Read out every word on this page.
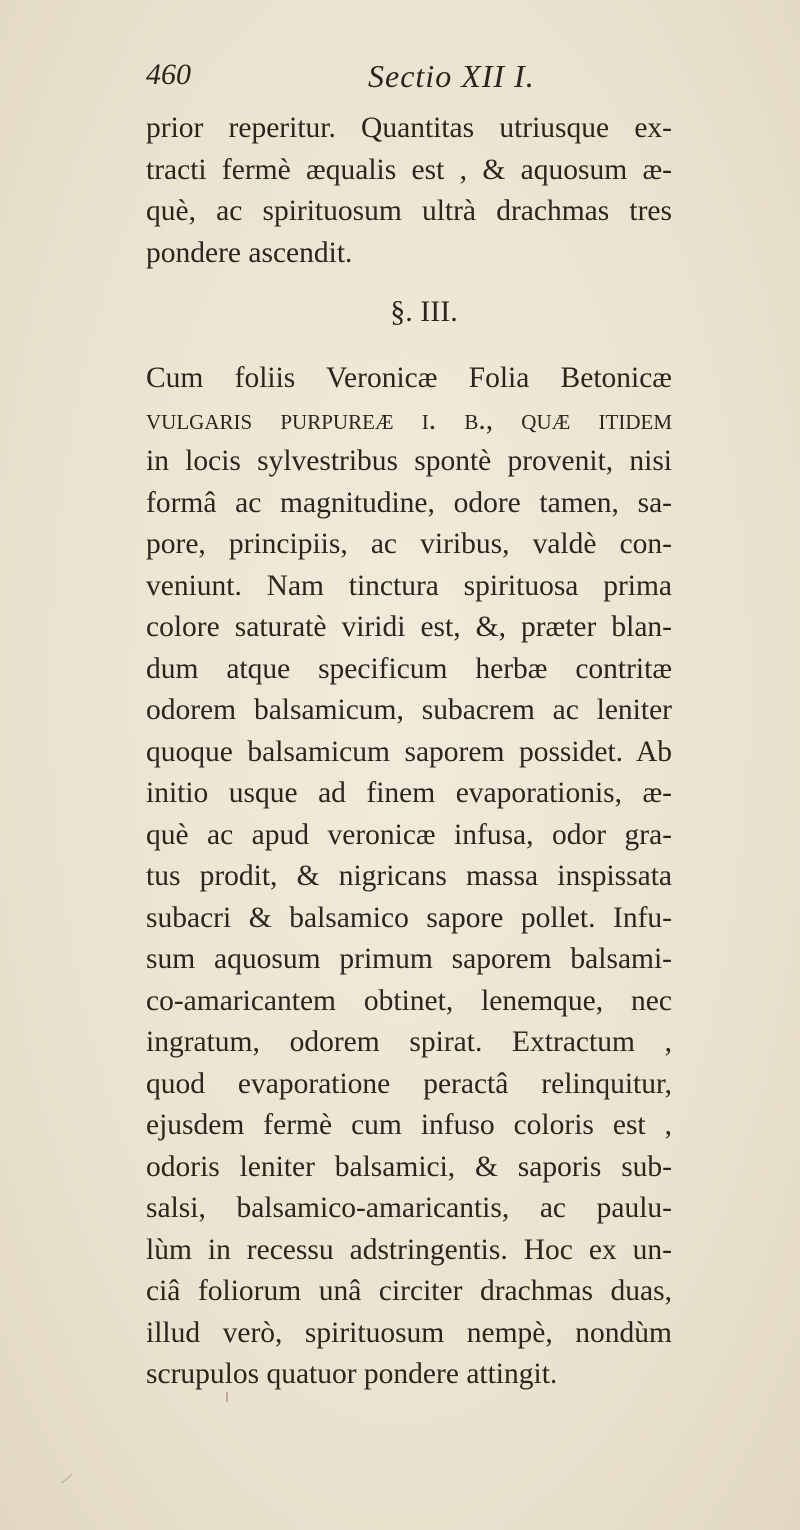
460	Sectio XII I.
prior reperitur. Quantitas utriusque ex-
tracti fermè æqualis est , & aquosum æ-
què, ac spirituosum ultrà drachmas tres
pondere ascendit.
§. III.
Cum foliis Veronicæ Folia Betonicæ
vulgaris purpureæ i. b., quæ itidem
in locis sylvestribus spontè provenit, nisi
formâ ac magnitudine, odore tamen, sa-
pore, principiis, ac viribus, valdè con-
veniunt. Nam tinctura spirituosa prima
colore saturatè viridi est, &, præter blan-
dum atque specificum herbæ contritæ
odorem balsamicum, subacrem ac leniter
quoque balsamicum saporem possidet. Ab
initio usque ad finem evaporationis, æ-
què ac apud veronicæ infusa, odor gra-
tus prodit, & nigricans massa inspissata
subacri & balsamico sapore pollet. Infu-
sum aquosum primum saporem balsami-
co-amaricantem obtinet, lenemque, nec
ingratum, odorem spirat. Extractum ,
quod evaporatione peractâ relinquitur,
ejusdem fermè cum infuso coloris est ,
odoris leniter balsamici, & saporis sub-
salsi, balsamico-amaricantis, ac paulu-
lùm in recessu adstringentis. Hoc ex un-
ciâ foliorum unâ circiter drachmas duas,
illud verò, spirituosum nempè, nondùm
scrupulos quatuor pondere attingit.
